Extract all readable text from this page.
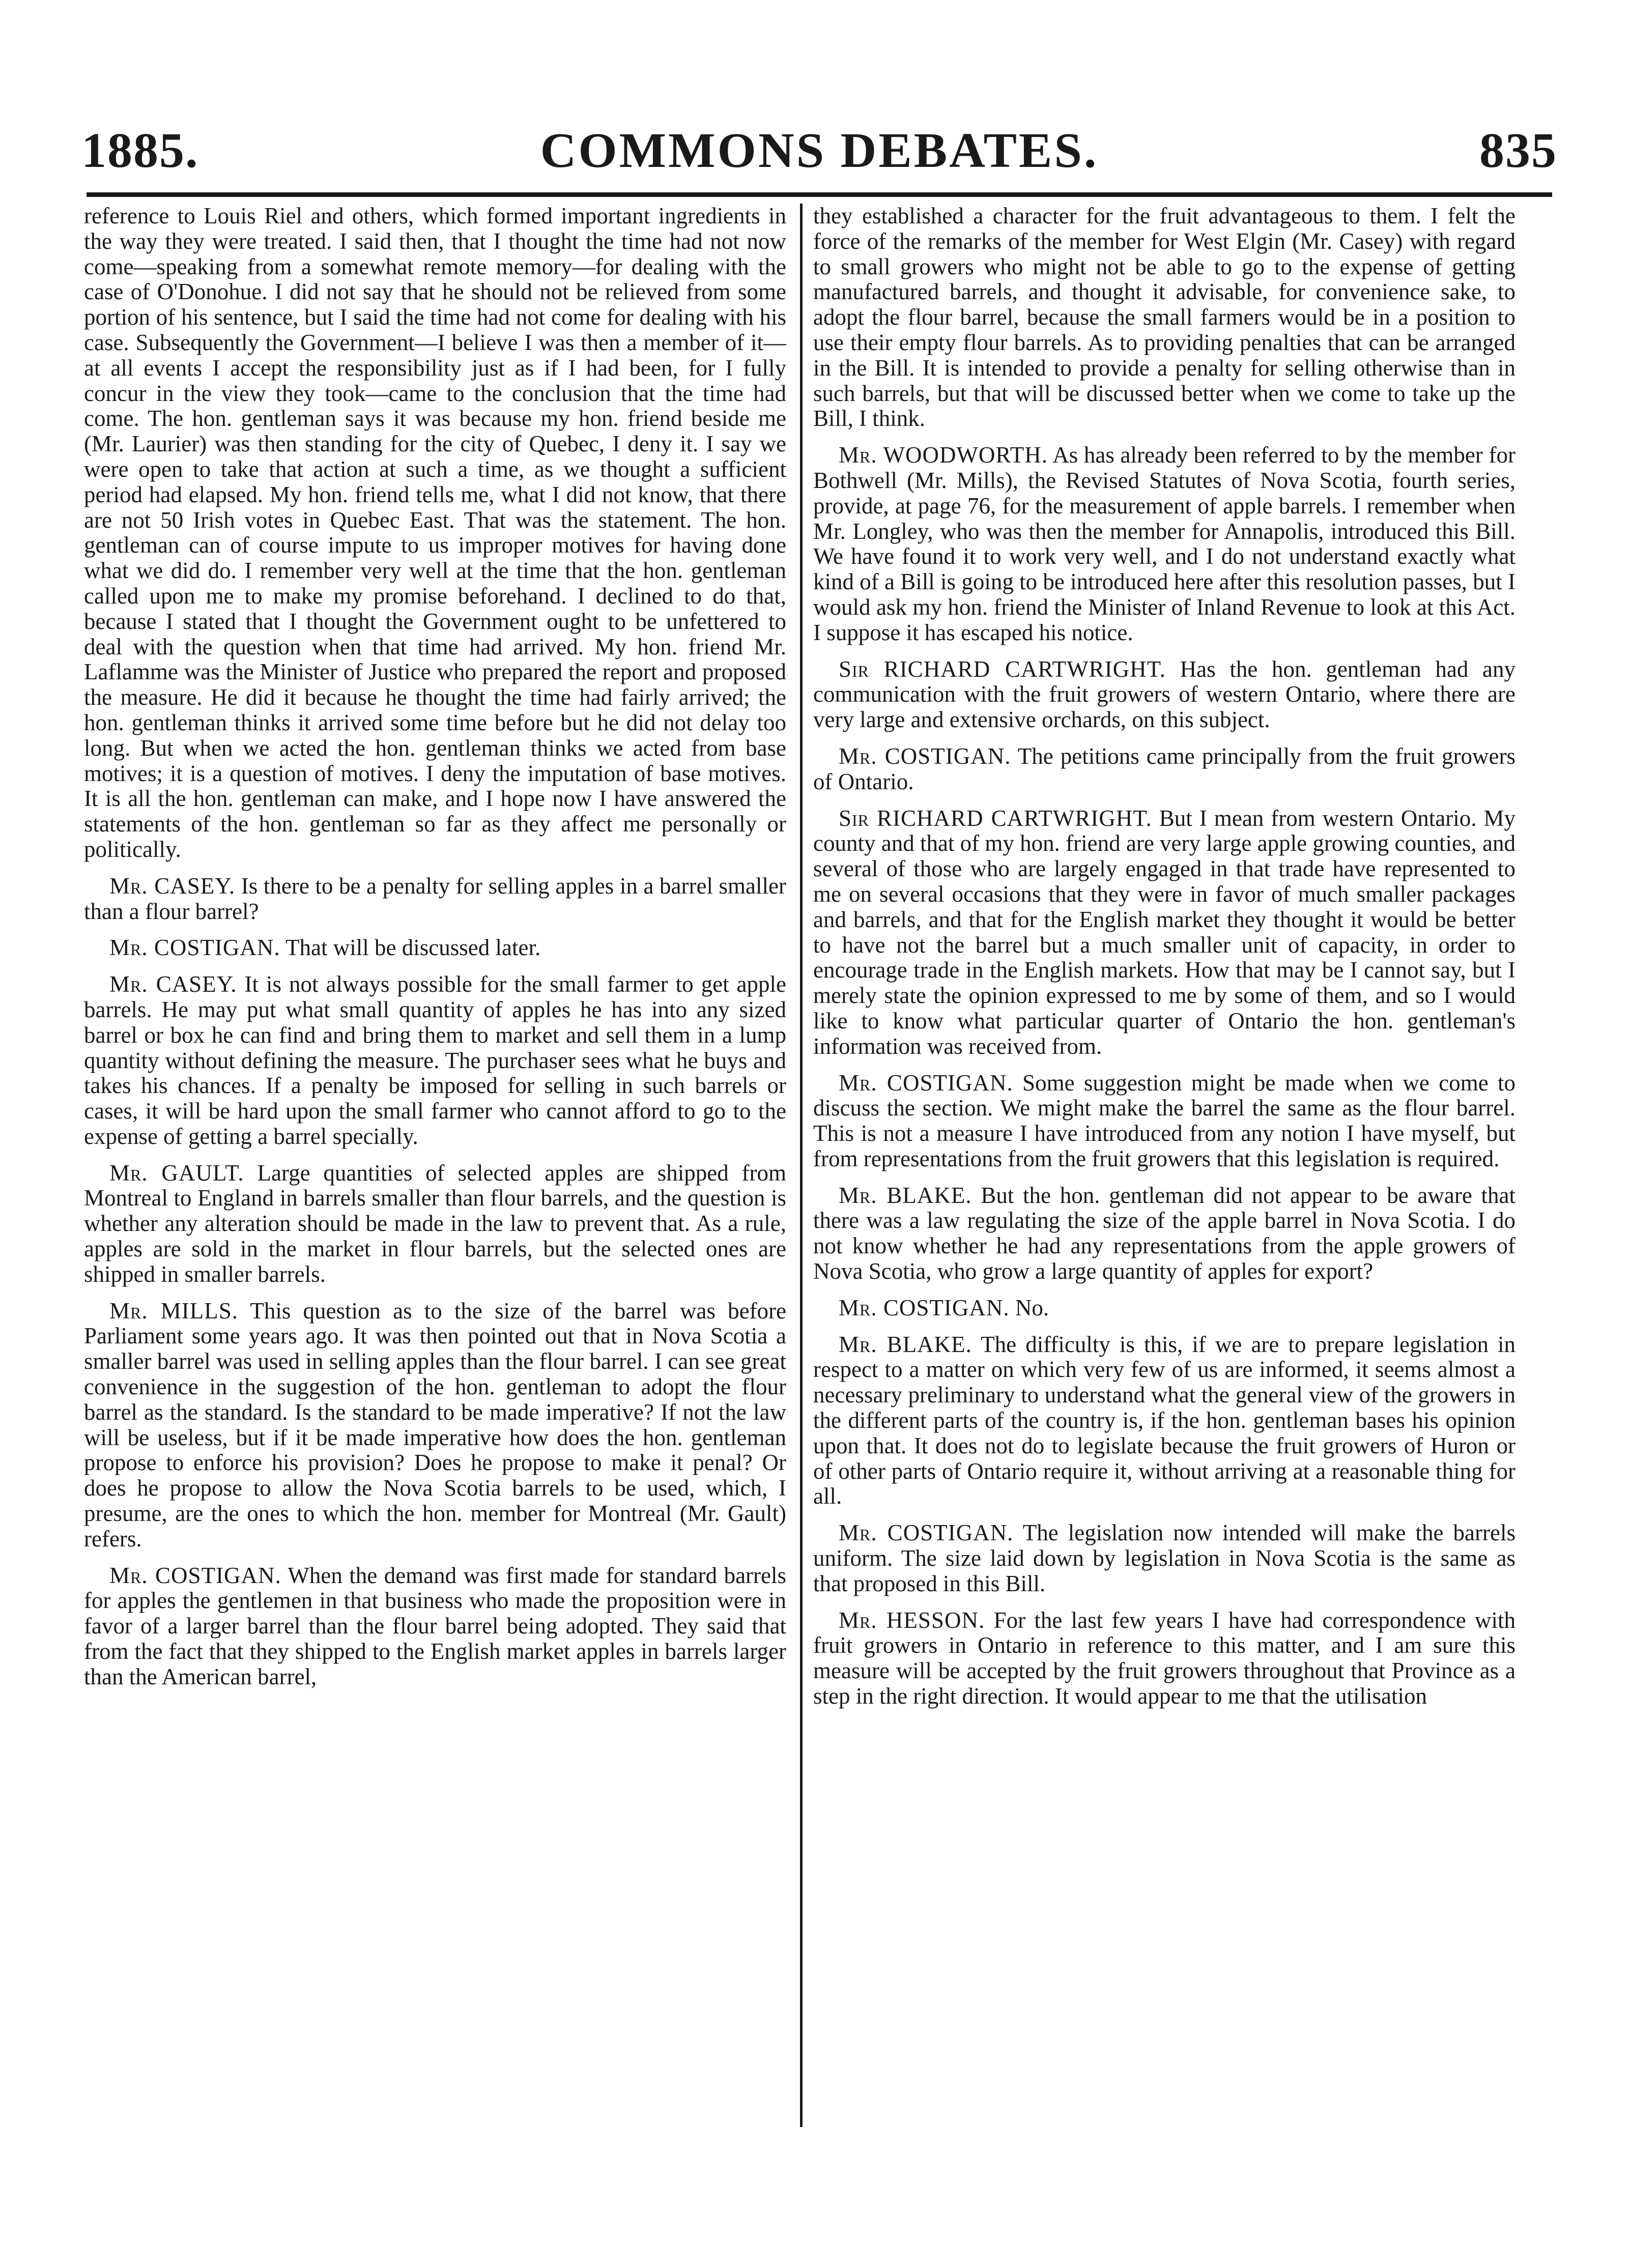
1885.	COMMONS DEBATES.	835

reference to Louis Riel and others, which formed important ingredients in the way they were treated. I said then, that I thought the time had not now come—speaking from a somewhat remote memory—for dealing with the case of O'Donohue. I did not say that he should not be relieved from some portion of his sentence, but I said the time had not come for dealing with his case. Subsequently the Government—I believe I was then a member of it—at all events I accept the responsibility just as if I had been, for I fully concur in the view they took—came to the conclusion that the time had come. The hon. gentleman says it was because my hon. friend beside me (Mr. Laurier) was then standing for the city of Quebec, I deny it. I say we were open to take that action at such a time, as we thought a sufficient period had elapsed. My hon. friend tells me, what I did not know, that there are not 50 Irish votes in Quebec East. That was the statement. The hon. gentleman can of course impute to us improper motives for having done what we did do. I remember very well at the time that the hon. gentleman called upon me to make my promise beforehand. I declined to do that, because I stated that I thought the Government ought to be unfettered to deal with the question when that time had arrived. My hon. friend Mr. Laflamme was the Minister of Justice who prepared the report and proposed the measure. He did it because he thought the time had fairly arrived; the hon. gentleman thinks it arrived some time before but he did not delay too long. But when we acted the hon. gentleman thinks we acted from base motives; it is a question of motives. I deny the imputation of base motives. It is all the hon. gentleman can make, and I hope now I have answered the statements of the hon. gentleman so far as they affect me personally or politically.

Mr. CASEY. Is there to be a penalty for selling apples in a barrel smaller than a flour barrel?

Mr. COSTIGAN. That will be discussed later.

Mr. CASEY. It is not always possible for the small farmer to get apple barrels. He may put what small quantity of apples he has into any sized barrel or box he can find and bring them to market and sell them in a lump quantity without defining the measure. The purchaser sees what he buys and takes his chances. If a penalty be imposed for selling in such barrels or cases, it will be hard upon the small farmer who cannot afford to go to the expense of getting a barrel specially.

Mr. GAULT. Large quantities of selected apples are shipped from Montreal to England in barrels smaller than flour barrels, and the question is whether any alteration should be made in the law to prevent that. As a rule, apples are sold in the market in flour barrels, but the selected ones are shipped in smaller barrels.

Mr. MILLS. This question as to the size of the barrel was before Parliament some years ago. It was then pointed out that in Nova Scotia a smaller barrel was used in selling apples than the flour barrel. I can see great convenience in the suggestion of the hon. gentleman to adopt the flour barrel as the standard. Is the standard to be made imperative? If not the law will be useless, but if it be made imperative how does the hon. gentleman propose to enforce his provision? Does he propose to make it penal? Or does he propose to allow the Nova Scotia barrels to be used, which, I presume, are the ones to which the hon. member for Montreal (Mr. Gault) refers.

Mr. COSTIGAN. When the demand was first made for standard barrels for apples the gentlemen in that business who made the proposition were in favor of a larger barrel than the flour barrel being adopted. They said that from the fact that they shipped to the English market apples in barrels larger than the American barrel,

they established a character for the fruit advantageous to them. I felt the force of the remarks of the member for West Elgin (Mr. Casey) with regard to small growers who might not be able to go to the expense of getting manufactured barrels, and thought it advisable, for convenience sake, to adopt the flour barrel, because the small farmers would be in a position to use their empty flour barrels. As to providing penalties that can be arranged in the Bill. It is intended to provide a penalty for selling otherwise than in such barrels, but that will be discussed better when we come to take up the Bill, I think.

Mr. WOODWORTH. As has already been referred to by the member for Bothwell (Mr. Mills), the Revised Statutes of Nova Scotia, fourth series, provide, at page 76, for the measurement of apple barrels. I remember when Mr. Longley, who was then the member for Annapolis, introduced this Bill. We have found it to work very well, and I do not understand exactly what kind of a Bill is going to be introduced here after this resolution passes, but I would ask my hon. friend the Minister of Inland Revenue to look at this Act. I suppose it has escaped his notice.

Sir RICHARD CARTWRIGHT. Has the hon. gentleman had any communication with the fruit growers of western Ontario, where there are very large and extensive orchards, on this subject.

Mr. COSTIGAN. The petitions came principally from the fruit growers of Ontario.

Sir RICHARD CARTWRIGHT. But I mean from western Ontario. My county and that of my hon. friend are very large apple growing counties, and several of those who are largely engaged in that trade have represented to me on several occasions that they were in favor of much smaller packages and barrels, and that for the English market they thought it would be better to have not the barrel but a much smaller unit of capacity, in order to encourage trade in the English markets. How that may be I cannot say, but I merely state the opinion expressed to me by some of them, and so I would like to know what particular quarter of Ontario the hon. gentleman's information was received from.

Mr. COSTIGAN. Some suggestion might be made when we come to discuss the section. We might make the barrel the same as the flour barrel. This is not a measure I have introduced from any notion I have myself, but from representations from the fruit growers that this legislation is required.

Mr. BLAKE. But the hon. gentleman did not appear to be aware that there was a law regulating the size of the apple barrel in Nova Scotia. I do not know whether he had any representations from the apple growers of Nova Scotia, who grow a large quantity of apples for export?

Mr. COSTIGAN. No.

Mr. BLAKE. The difficulty is this, if we are to prepare legislation in respect to a matter on which very few of us are informed, it seems almost a necessary preliminary to understand what the general view of the growers in the different parts of the country is, if the hon. gentleman bases his opinion upon that. It does not do to legislate because the fruit growers of Huron or of other parts of Ontario require it, without arriving at a reasonable thing for all.

Mr. COSTIGAN. The legislation now intended will make the barrels uniform. The size laid down by legislation in Nova Scotia is the same as that proposed in this Bill.

Mr. HESSON. For the last few years I have had correspondence with fruit growers in Ontario in reference to this matter, and I am sure this measure will be accepted by the fruit growers throughout that Province as a step in the right direction. It would appear to me that the utilisation
